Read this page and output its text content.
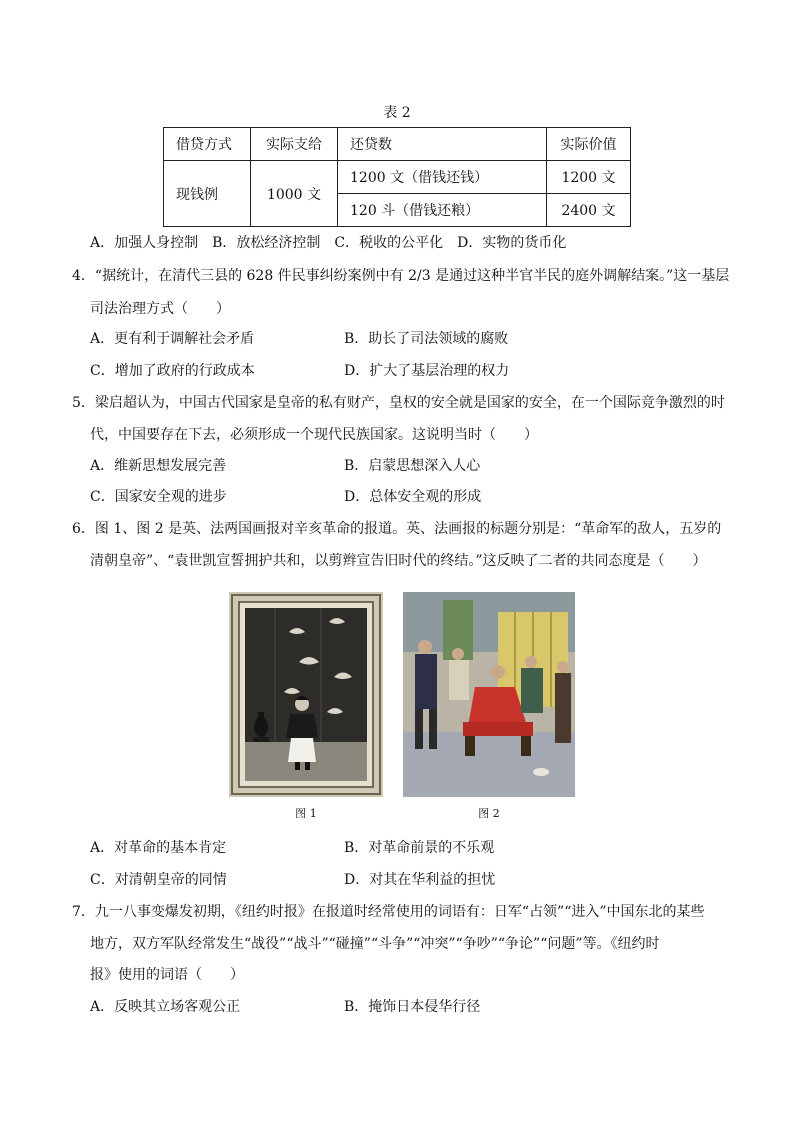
表 2
借贷方式	实际支给	还贷数	实际价值
现钱例	1000 文	1200 文（借钱还钱）	1200 文
		120 斗（借钱还粮）	2400 文
A．加强人身控制　B．放松经济控制　C．税收的公平化　D．实物的货币化
4．“据统计，在清代三县的 628 件民事纠纷案例中有 2/3 是通过这种半官半民的庭外调解结案。”这一基层
司法治理方式（　　）
A．更有利于调解社会矛盾	B．助长了司法领域的腐败
C．增加了政府的行政成本	D．扩大了基层治理的权力
5．梁启超认为，中国古代国家是皇帝的私有财产，皇权的安全就是国家的安全，在一个国际竞争激烈的时
代，中国要存在下去，必须形成一个现代民族国家。这说明当时（　　）
A．维新思想发展完善	B．启蒙思想深入人心
C．国家安全观的进步	D．总体安全观的形成
6．图 1、图 2 是英、法两国画报对辛亥革命的报道。英、法画报的标题分别是：“革命军的敌人，五岁的
清朝皇帝”、“袁世凯宣誓拥护共和，以剪辫宣告旧时代的终结。”这反映了二者的共同态度是（　　）
图 1	图 2
A．对革命的基本肯定	B．对革命前景的不乐观
C．对清朝皇帝的同情	D．对其在华利益的担忧
7．九一八事变爆发初期，《纽约时报》在报道时经常使用的词语有：日军“占领”“进入”中国东北的某些
地方，双方军队经常发生“战役”“战斗”“碰撞”“斗争”“冲突”“争吵”“争论”“问题”等。《纽约时
报》使用的词语（　　）
A．反映其立场客观公正	B．掩饰日本侵华行径
